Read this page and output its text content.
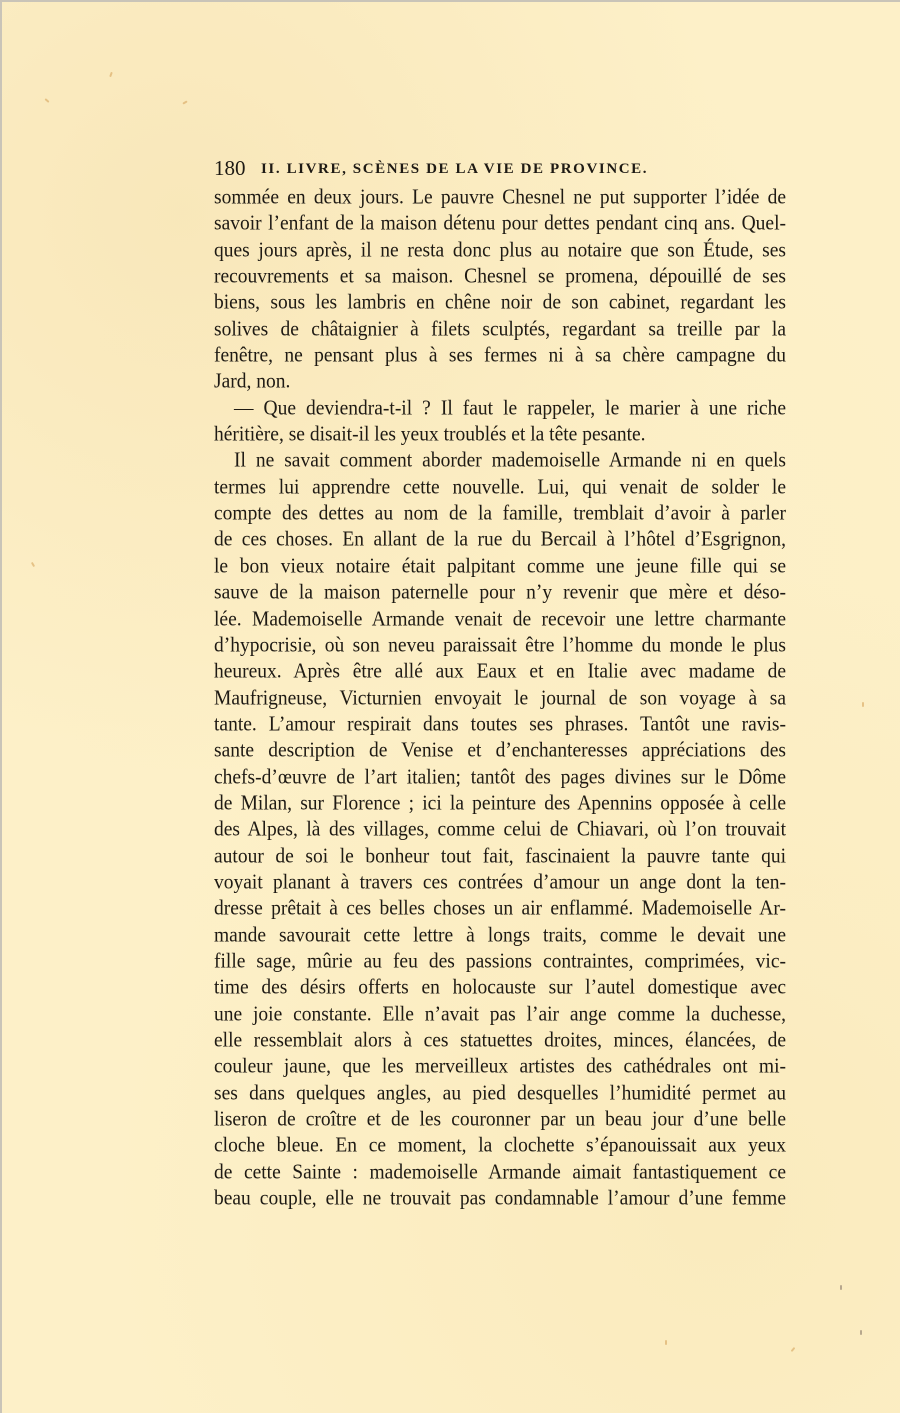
180 II. LIVRE, SCÈNES DE LA VIE DE PROVINCE.
sommée en deux jours. Le pauvre Chesnel ne put supporter l’idée de
savoir l’enfant de la maison détenu pour dettes pendant cinq ans. Quel-
ques jours après, il ne resta donc plus au notaire que son Étude, ses
recouvrements et sa maison. Chesnel se promena, dépouillé de ses
biens, sous les lambris en chêne noir de son cabinet, regardant les
solives de châtaignier à filets sculptés, regardant sa treille par la
fenêtre, ne pensant plus à ses fermes ni à sa chère campagne du
Jard, non.
— Que deviendra-t-il ? Il faut le rappeler, le marier à une riche
héritière, se disait-il les yeux troublés et la tête pesante.
Il ne savait comment aborder mademoiselle Armande ni en quels
termes lui apprendre cette nouvelle. Lui, qui venait de solder le
compte des dettes au nom de la famille, tremblait d’avoir à parler
de ces choses. En allant de la rue du Bercail à l’hôtel d’Esgrignon,
le bon vieux notaire était palpitant comme une jeune fille qui se
sauve de la maison paternelle pour n’y revenir que mère et déso-
lée. Mademoiselle Armande venait de recevoir une lettre charmante
d’hypocrisie, où son neveu paraissait être l’homme du monde le plus
heureux. Après être allé aux Eaux et en Italie avec madame de
Maufrigneuse, Victurnien envoyait le journal de son voyage à sa
tante. L’amour respirait dans toutes ses phrases. Tantôt une ravis-
sante description de Venise et d’enchanteresses appréciations des
chefs-d’œuvre de l’art italien; tantôt des pages divines sur le Dôme
de Milan, sur Florence ; ici la peinture des Apennins opposée à celle
des Alpes, là des villages, comme celui de Chiavari, où l’on trouvait
autour de soi le bonheur tout fait, fascinaient la pauvre tante qui
voyait planant à travers ces contrées d’amour un ange dont la ten-
dresse prêtait à ces belles choses un air enflammé. Mademoiselle Ar-
mande savourait cette lettre à longs traits, comme le devait une
fille sage, mûrie au feu des passions contraintes, comprimées, vic-
time des désirs offerts en holocauste sur l’autel domestique avec
une joie constante. Elle n’avait pas l’air ange comme la duchesse,
elle ressemblait alors à ces statuettes droites, minces, élancées, de
couleur jaune, que les merveilleux artistes des cathédrales ont mi-
ses dans quelques angles, au pied desquelles l’humidité permet au
liseron de croître et de les couronner par un beau jour d’une belle
cloche bleue. En ce moment, la clochette s’épanouissait aux yeux
de cette Sainte : mademoiselle Armande aimait fantastiquement ce
beau couple, elle ne trouvait pas condamnable l’amour d’une femme
